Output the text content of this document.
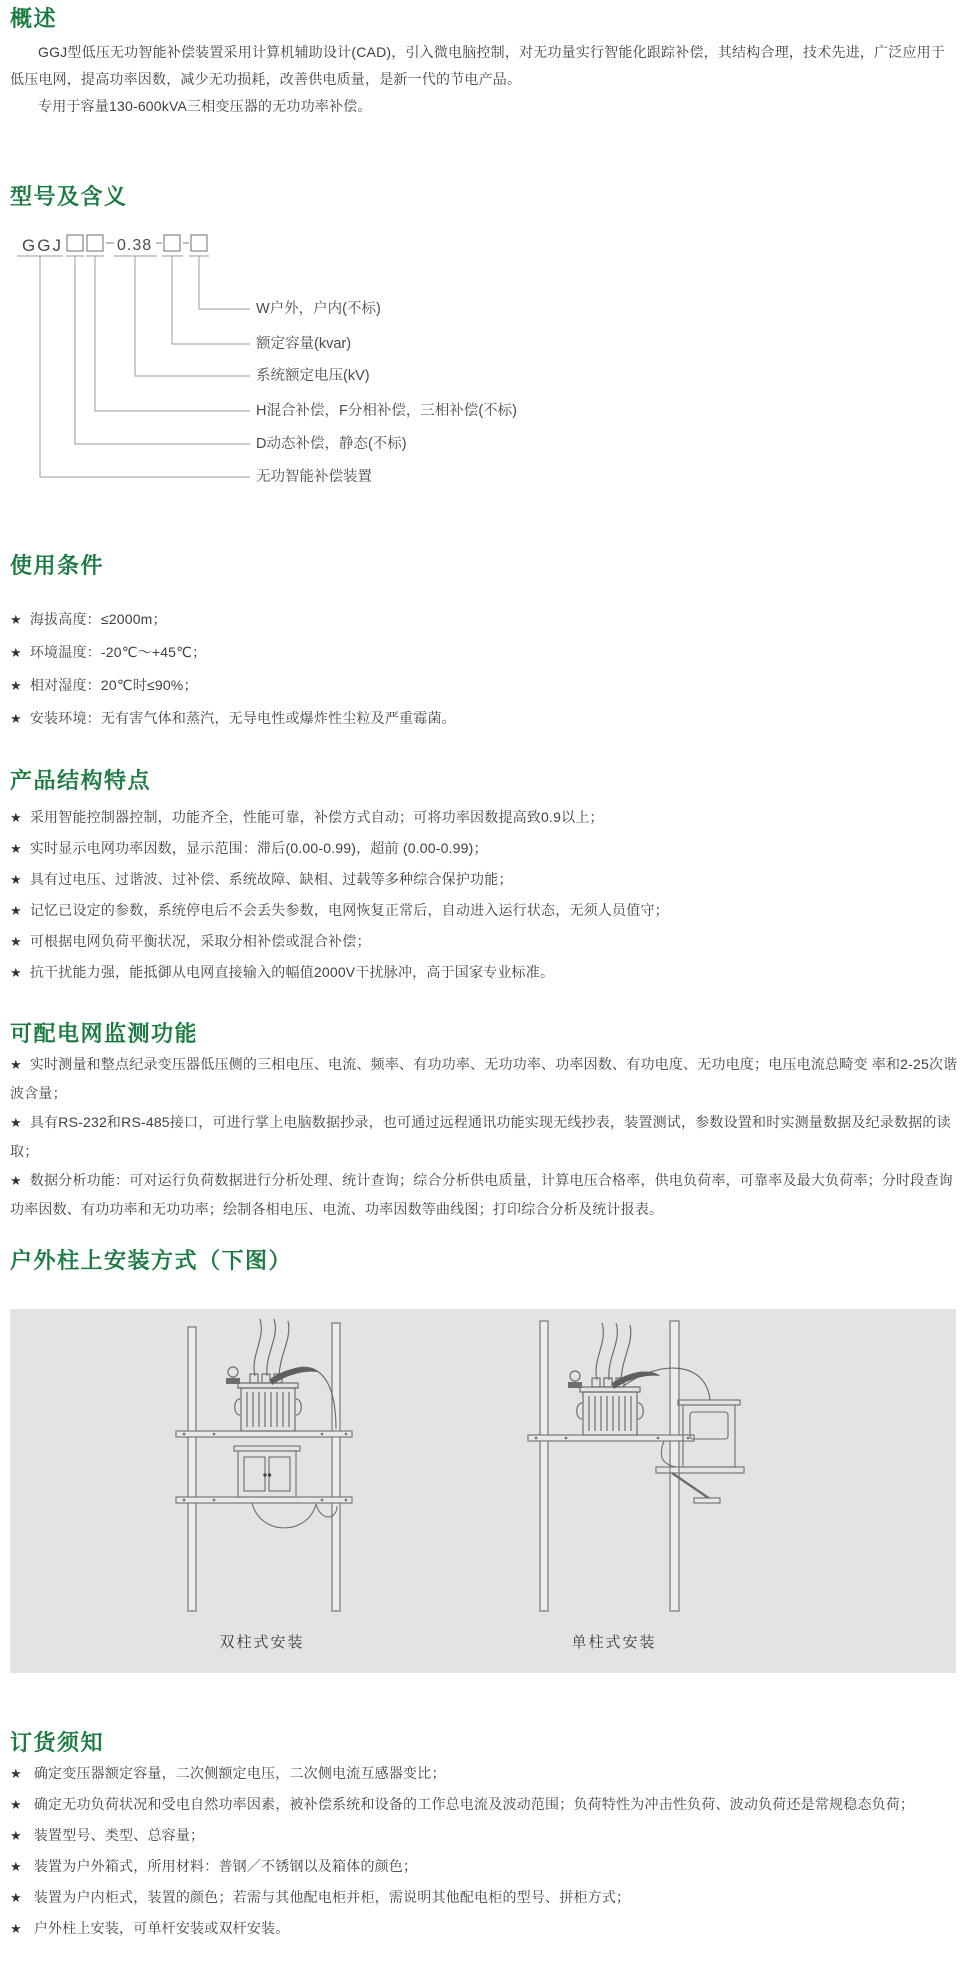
概述

GGJ型低压无功智能补偿装置采用计算机辅助设计(CAD)，引入微电脑控制，对无功量实行智能化跟踪补偿，其结构合理，技术先进，广泛应用于低压电网，提高功率因数，减少无功损耗，改善供电质量，是新一代的节电产品。

专用于容量130-600kVA三相变压器的无功功率补偿。

型号及含义
GGJ	0.38
W户外，户内(不标)
额定容量(kvar)
系统额定电压(kV)
H混合补偿，F分相补偿，三相补偿(不标)
D动态补偿，静态(不标)
无功智能补偿装置
使用条件
★ 海拔高度：≤2000m；
★ 环境温度：-20℃～+45℃；
★ 相对湿度：20℃时≤90%；
★ 安装环境：无有害气体和蒸汽，无导电性或爆炸性尘粒及严重霉菌。
产品结构特点
★ 采用智能控制器控制，功能齐全，性能可靠，补偿方式自动；可将功率因数提高致0.9以上；
★ 实时显示电网功率因数，显示范围：滞后(0.00-0.99)，超前 (0.00-0.99)；
★ 具有过电压、过谐波、过补偿、系统故障、缺相、过载等多种综合保护功能；
★ 记忆已设定的参数，系统停电后不会丢失参数，电网恢复正常后，自动进入运行状态，无须人员值守；
★ 可根据电网负荷平衡状况，采取分相补偿或混合补偿；
★ 抗干扰能力强，能抵御从电网直接输入的幅值2000V干扰脉冲，高于国家专业标准。
可配电网监测功能
★ 实时测量和整点纪录变压器低压侧的三相电压、电流、频率、有功功率、无功功率、功率因数、有功电度、无功电度；电压电流总畸变 率和2-25次谐波含量；
★ 具有RS-232和RS-485接口，可进行掌上电脑数据抄录，也可通过远程通讯功能实现无线抄表，装置测试，参数设置和时实测量数据及纪录数据的读取；
★ 数据分析功能：可对运行负荷数据进行分析处理、统计查询；综合分析供电质量，计算电压合格率，供电负荷率，可靠率及最大负荷率；分时段查询功率因数、有功功率和无功功率；绘制各相电压、电流、功率因数等曲线图；打印综合分析及统计报表。
户外柱上安装方式（下图）
双柱式安装	单柱式安装
订货须知
★ 确定变压器额定容量，二次侧额定电压，二次侧电流互感器变比；
★ 确定无功负荷状况和受电自然功率因素，被补偿系统和设备的工作总电流及波动范围；负荷特性为冲击性负荷、波动负荷还是常规稳态负荷；
★ 装置型号、类型、总容量；
★ 装置为户外箱式，所用材料：普钢／不锈钢以及箱体的颜色；
★ 装置为户内柜式，装置的颜色；若需与其他配电柜并柜，需说明其他配电柜的型号、拼柜方式；
★ 户外柱上安装，可单杆安装或双杆安装。
